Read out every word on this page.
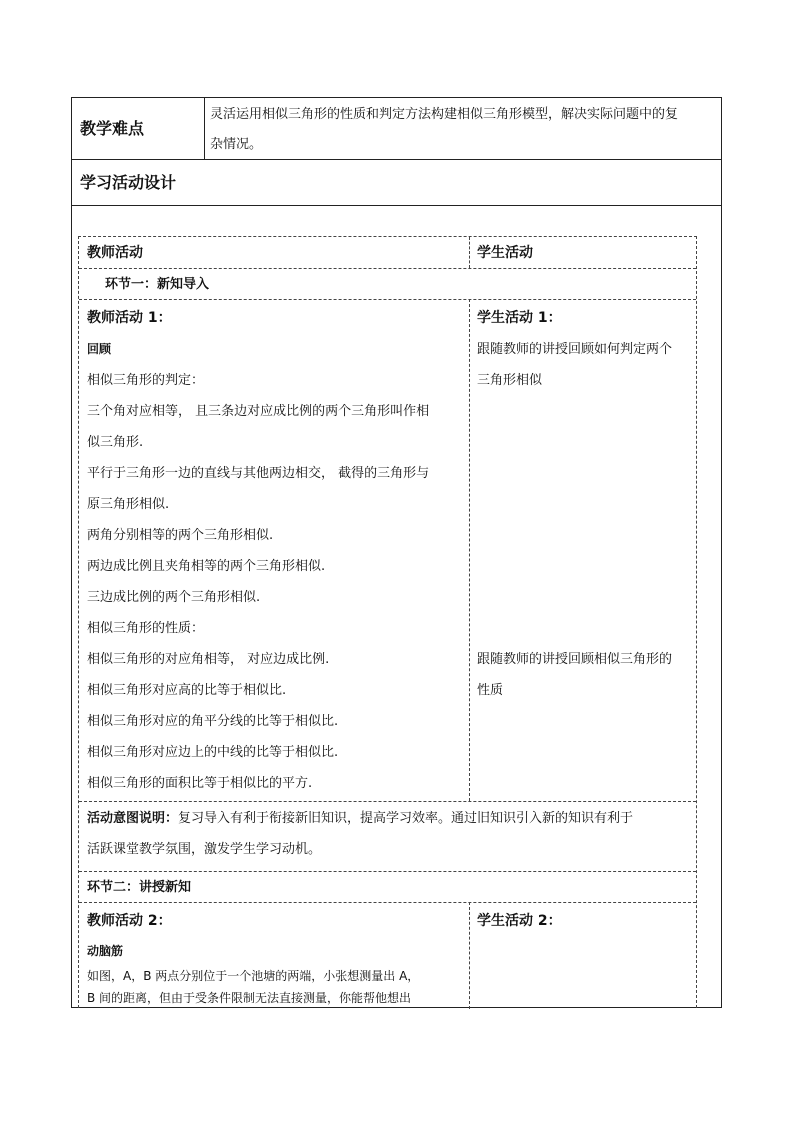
教学难点
灵活运用相似三角形的性质和判定方法构建相似三角形模型，解决实际问题中的复
杂情况。
学习活动设计
教师活动	学生活动
环节一：新知导入
教师活动 1：
回顾
相似三角形的判定：
三个角对应相等， 且三条边对应成比例的两个三角形叫作相
似三角形.
平行于三角形一边的直线与其他两边相交， 截得的三角形与
原三角形相似.
两角分别相等的两个三角形相似.
两边成比例且夹角相等的两个三角形相似.
三边成比例的两个三角形相似.
相似三角形的性质：
相似三角形的对应角相等， 对应边成比例.
相似三角形对应高的比等于相似比.
相似三角形对应的角平分线的比等于相似比.
相似三角形对应边上的中线的比等于相似比.
相似三角形的面积比等于相似比的平方.
学生活动 1：
跟随教师的讲授回顾如何判定两个
三角形相似
跟随教师的讲授回顾相似三角形的
性质
活动意图说明：复习导入有利于衔接新旧知识，提高学习效率。通过旧知识引入新的知识有利于
活跃课堂教学氛围，激发学生学习动机。
环节二：讲授新知
教师活动 2：
动脑筋
如图，A，B 两点分别位于一个池塘的两端，小张想测量出 A，
B 间的距离，但由于受条件限制无法直接测量，你能帮他想出
学生活动 2：
